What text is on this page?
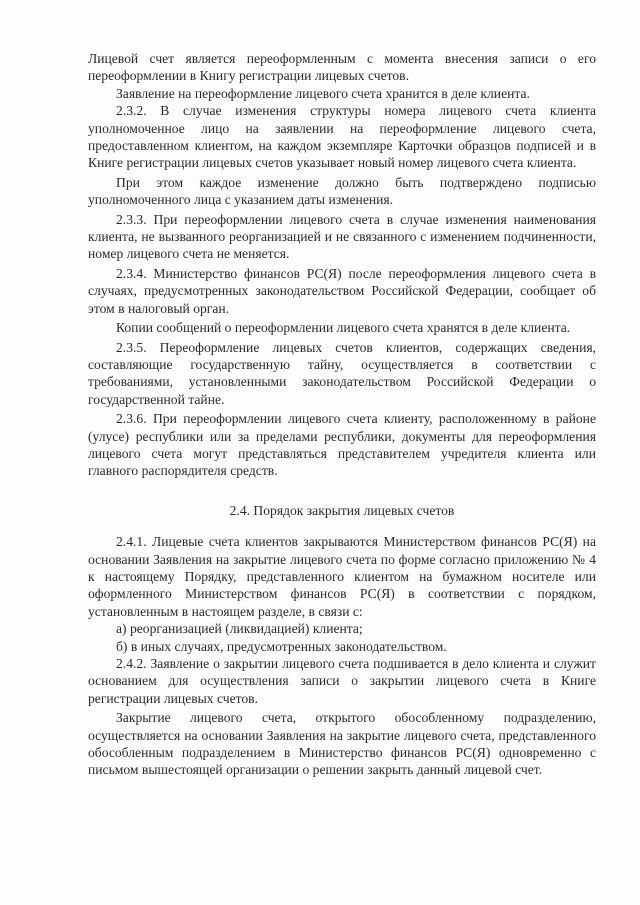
Лицевой счет является переоформленным с момента внесения записи о его переоформлении в Книгу регистрации лицевых счетов.

Заявление на переоформление лицевого счета хранится в деле клиента.

2.3.2. В случае изменения структуры номера лицевого счета клиента уполномоченное лицо на заявлении на переоформление лицевого счета, предоставленном клиентом, на каждом экземпляре Карточки образцов подписей и в Книге регистрации лицевых счетов указывает новый номер лицевого счета клиента.

При этом каждое изменение должно быть подтверждено подписью уполномоченного лица с указанием даты изменения.

2.3.3. При переоформлении лицевого счета в случае изменения наименования клиента, не вызванного реорганизацией и не связанного с изменением подчиненности, номер лицевого счета не меняется.

2.3.4. Министерство финансов РС(Я) после переоформления лицевого счета в случаях, предусмотренных законодательством Российской Федерации, сообщает об этом в налоговый орган.

Копии сообщений о переоформлении лицевого счета хранятся в деле клиента.

2.3.5. Переоформление лицевых счетов клиентов, содержащих сведения, составляющие государственную тайну, осуществляется в соответствии с требованиями, установленными законодательством Российской Федерации о государственной тайне.

2.3.6. При переоформлении лицевого счета клиенту, расположенному в районе (улусе) республики или за пределами республики, документы для переоформления лицевого счета могут представляться представителем учредителя клиента или главного распорядителя средств.

2.4. Порядок закрытия лицевых счетов

2.4.1. Лицевые счета клиентов закрываются Министерством финансов РС(Я) на основании Заявления на закрытие лицевого счета по форме согласно приложению № 4 к настоящему Порядку, представленного клиентом на бумажном носителе или оформленного Министерством финансов РС(Я) в соответствии с порядком, установленным в настоящем разделе, в связи с:

а) реорганизацией (ликвидацией) клиента;

б) в иных случаях, предусмотренных законодательством.

2.4.2. Заявление о закрытии лицевого счета подшивается в дело клиента и служит основанием для осуществления записи о закрытии лицевого счета в Книге регистрации лицевых счетов.

Закрытие лицевого счета, открытого обособленному подразделению, осуществляется на основании Заявления на закрытие лицевого счета, представленного обособленным подразделением в Министерство финансов РС(Я) одновременно с письмом вышестоящей организации о решении закрыть данный лицевой счет.
